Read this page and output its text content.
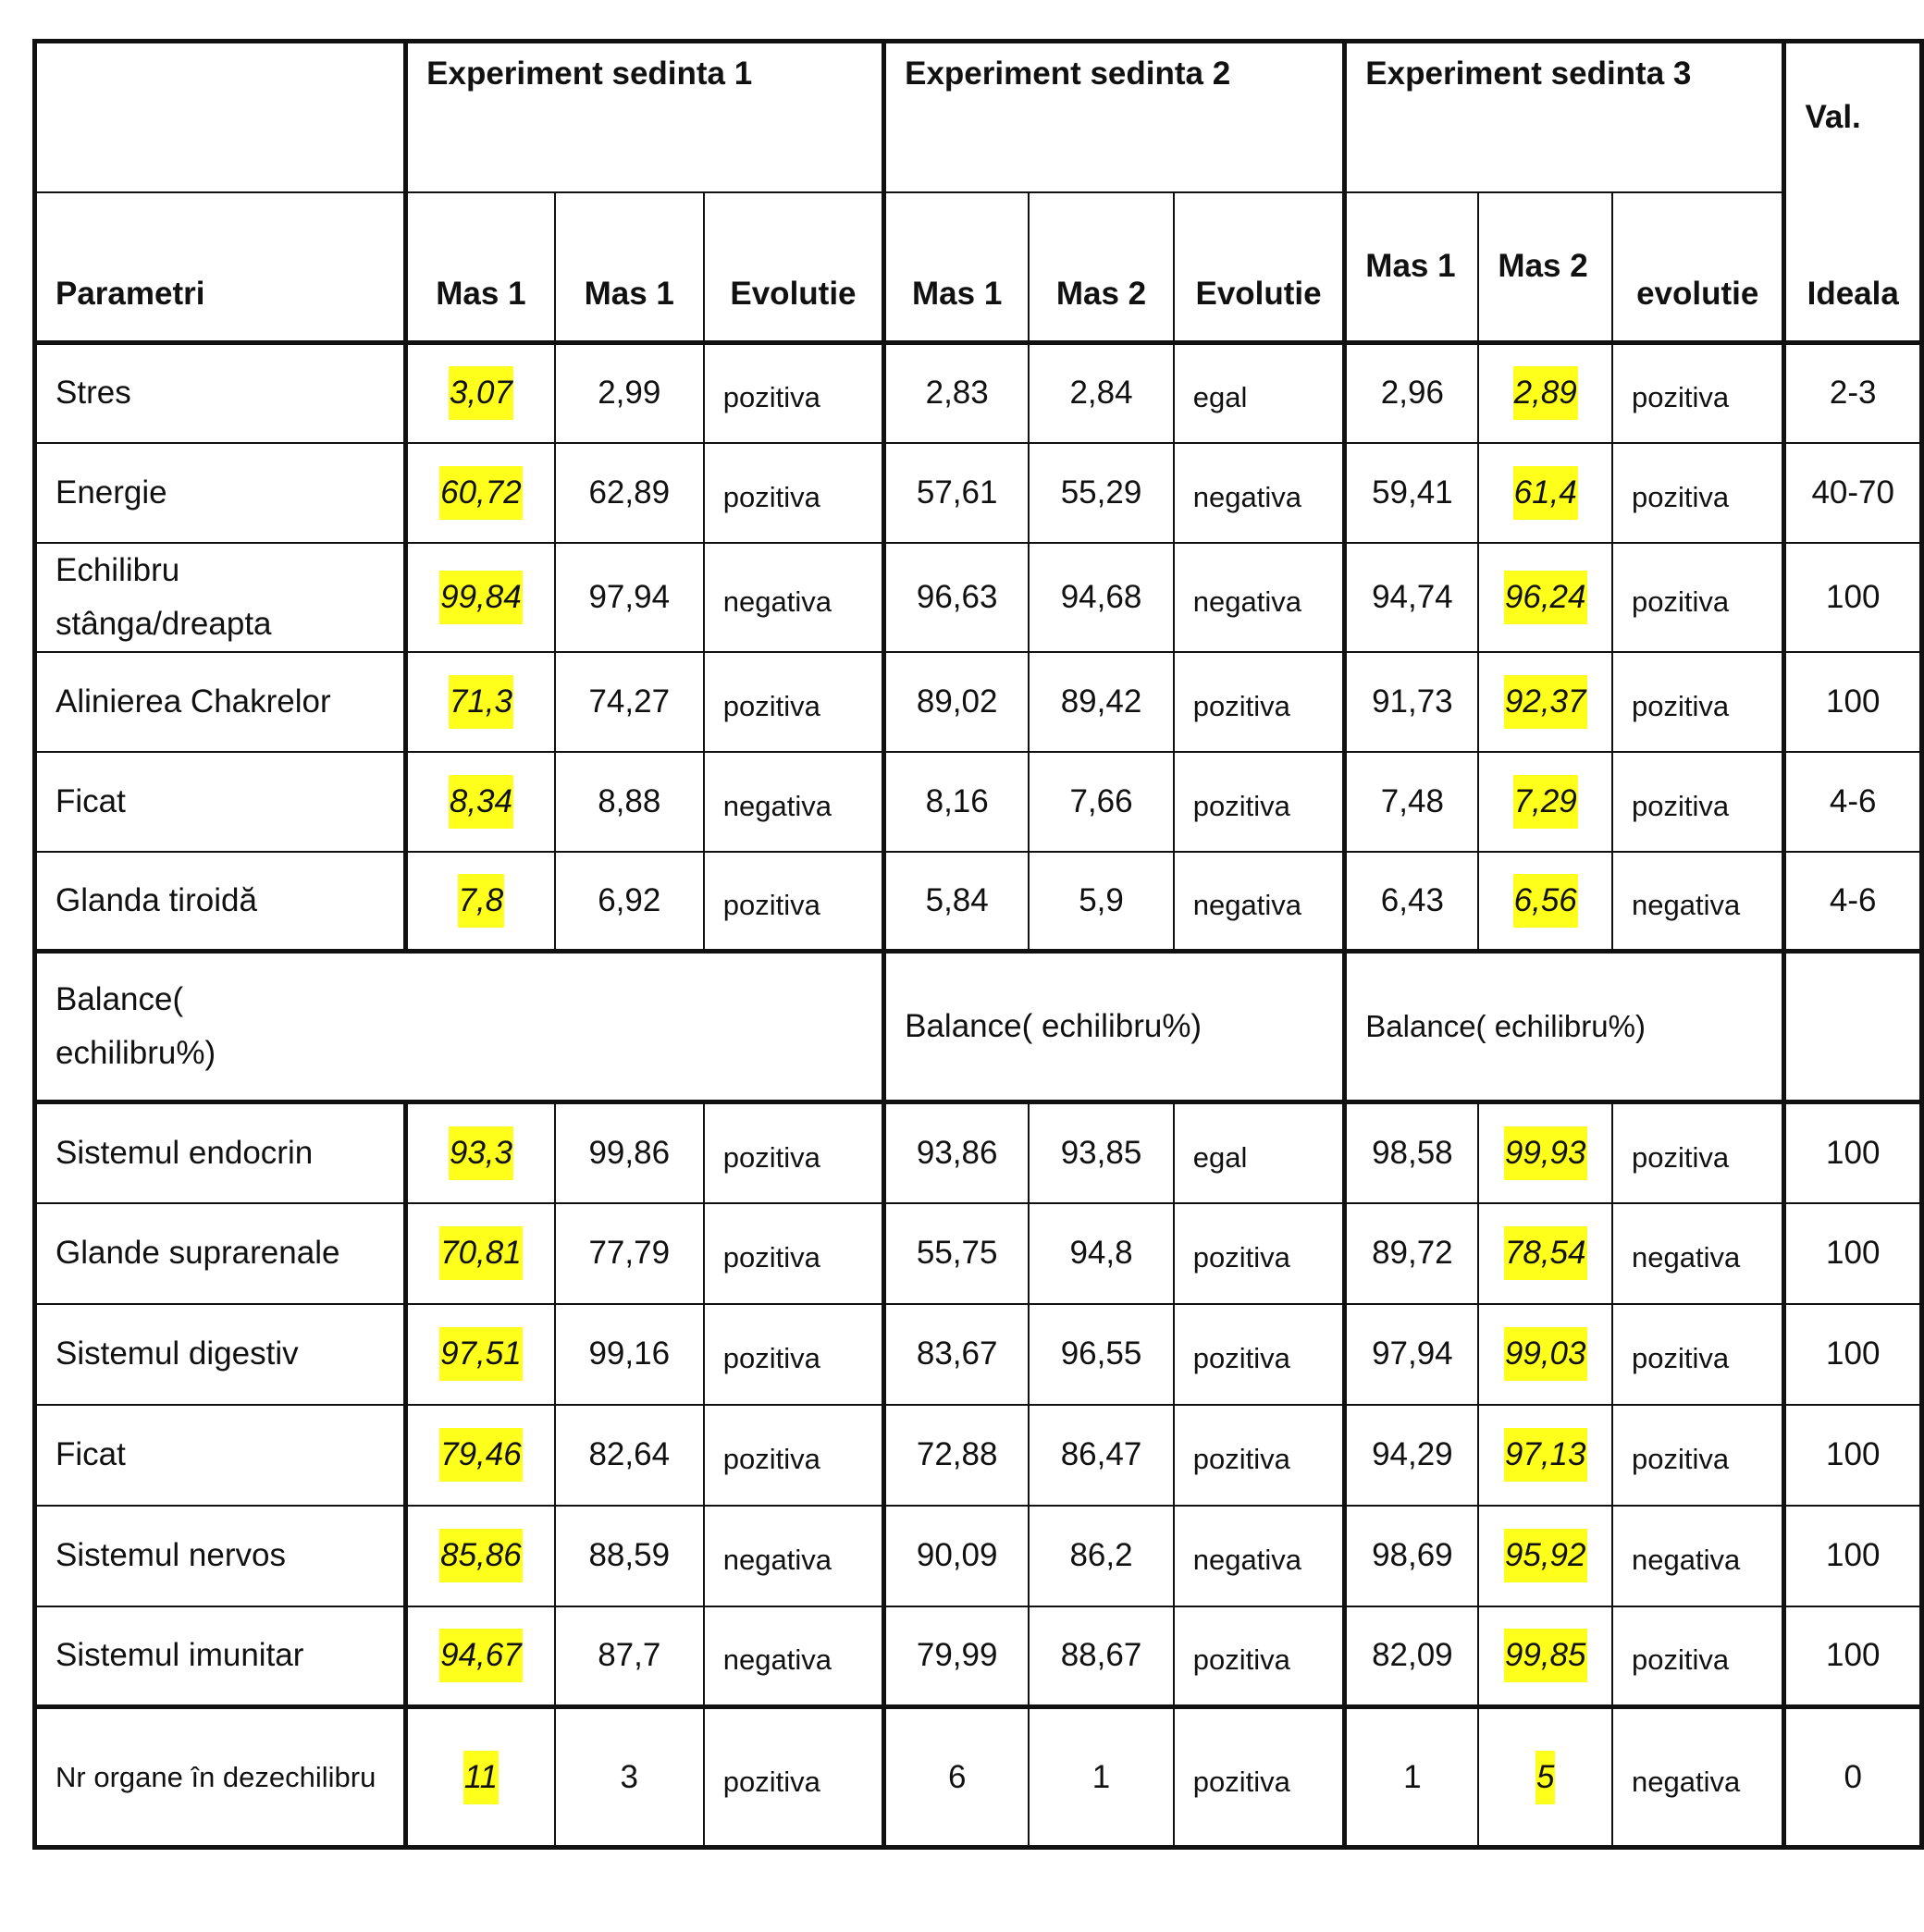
	Experiment sedinta 1			Experiment sedinta 2			Experiment sedinta 3			Val.
Parametri	Mas 1	Mas 1	Evolutie	Mas 1	Mas 2	Evolutie	Mas 1	Mas 2	evolutie	Ideala
Stres	3,07	2,99	pozitiva	2,83	2,84	egal	2,96	2,89	pozitiva	2-3
Energie	60,72	62,89	pozitiva	57,61	55,29	negativa	59,41	61,4	pozitiva	40-70
Echilibru stânga/dreapta	99,84	97,94	negativa	96,63	94,68	negativa	94,74	96,24	pozitiva	100
Alinierea Chakrelor	71,3	74,27	pozitiva	89,02	89,42	pozitiva	91,73	92,37	pozitiva	100
Ficat	8,34	8,88	negativa	8,16	7,66	pozitiva	7,48	7,29	pozitiva	4-6
Glanda tiroidă	7,8	6,92	pozitiva	5,84	5,9	negativa	6,43	6,56	negativa	4-6
Balance( echilibru%)				Balance( echilibru%)			Balance( echilibru%)			
Sistemul endocrin	93,3	99,86	pozitiva	93,86	93,85	egal	98,58	99,93	pozitiva	100
Glande suprarenale	70,81	77,79	pozitiva	55,75	94,8	pozitiva	89,72	78,54	negativa	100
Sistemul digestiv	97,51	99,16	pozitiva	83,67	96,55	pozitiva	97,94	99,03	pozitiva	100
Ficat	79,46	82,64	pozitiva	72,88	86,47	pozitiva	94,29	97,13	pozitiva	100
Sistemul nervos	85,86	88,59	negativa	90,09	86,2	negativa	98,69	95,92	negativa	100
Sistemul imunitar	94,67	87,7	negativa	79,99	88,67	pozitiva	82,09	99,85	pozitiva	100
Nr organe în dezechilibru	11	3	pozitiva	6	1	pozitiva	1	5	negativa	0
